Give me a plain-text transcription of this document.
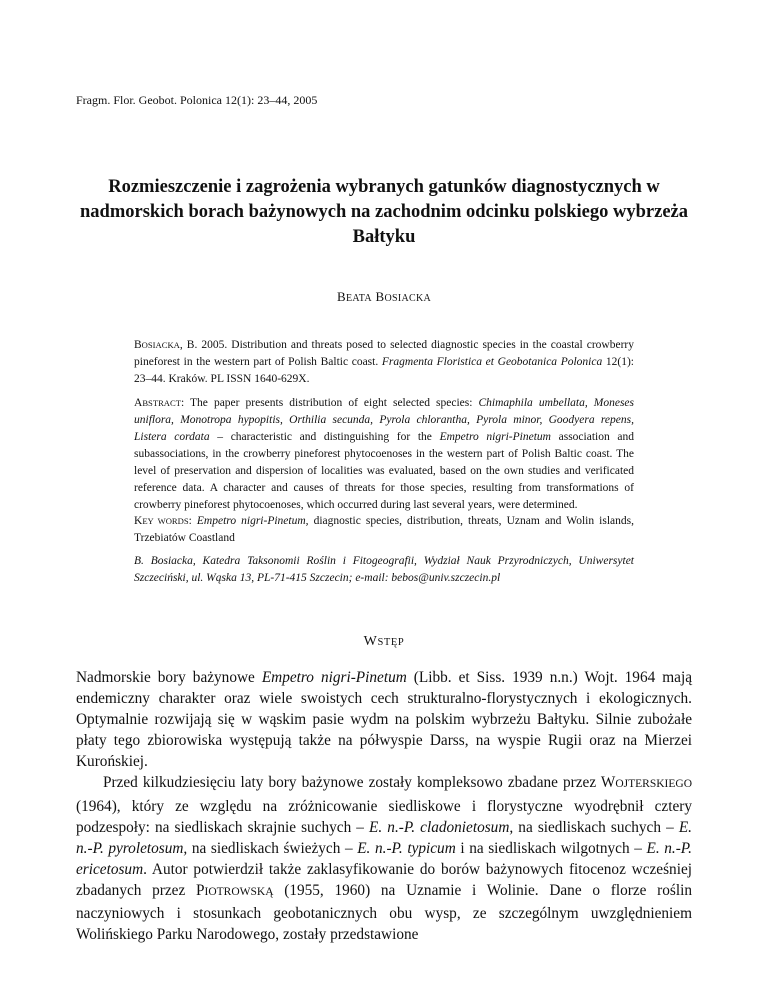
Fragm. Flor. Geobot. Polonica 12(1): 23–44, 2005
Rozmieszczenie i zagrożenia wybranych gatunków diagnostycznych w nadmorskich borach bażynowych na zachodnim odcinku polskiego wybrzeża Bałtyku
BEATA BOSIACKA
BOSIACKA, B. 2005. Distribution and threats posed to selected diagnostic species in the coastal crowberry pineforest in the western part of Polish Baltic coast. Fragmenta Floristica et Geobotanica Polonica 12(1): 23–44. Kraków. PL ISSN 1640-629X.
ABSTRACT: The paper presents distribution of eight selected species: Chimaphila umbellata, Moneses uniflora, Monotropa hypopitis, Orthilia secunda, Pyrola chlorantha, Pyrola minor, Goodyera repens, Listera cordata – characteristic and distinguishing for the Empetro nigri-Pinetum association and subassociations, in the crowberry pineforest phytocoenoses in the western part of Polish Baltic coast. The level of preservation and dispersion of localities was evaluated, based on the own studies and verificated reference data. A character and causes of threats for those species, resulting from transformations of crowberry pineforest phytocoenoses, which occurred during last several years, were determined.
KEY WORDS: Empetro nigri-Pinetum, diagnostic species, distribution, threats, Uznam and Wolin islands, Trzebiatów Coastland
B. Bosiacka, Katedra Taksonomii Roślin i Fitogeografii, Wydział Nauk Przyrodniczych, Uniwersytet Szczeciński, ul. Wąska 13, PL-71-415 Szczecin; e-mail: bebos@univ.szczecin.pl
WSTĘP

Nadmorskie bory bażynowe Empetro nigri-Pinetum (Libb. et Siss. 1939 n.n.) Wojt. 1964 mają endemiczny charakter oraz wiele swoistych cech strukturalno-florystycznych i ekologicznych. Optymalnie rozwijają się w wąskim pasie wydm na polskim wybrzeżu Bałtyku. Silnie zubożałe płaty tego zbiorowiska występują także na półwyspie Darss, na wyspie Rugii oraz na Mierzei Kurońskiej.

Przed kilkudziesięciu laty bory bażynowe zostały kompleksowo zbadane przez WOJTERSKIEGO (1964), który ze względu na zróżnicowanie siedliskowe i florystyczne wyodrębnił cztery podzespoły: na siedliskach skrajnie suchych – E. n.-P. cladonietosum, na siedliskach suchych – E. n.-P. pyroletosum, na siedliskach świeżych – E. n.-P. typicum i na siedliskach wilgotnych – E. n.-P. ericetosum. Autor potwierdził także zaklasyfikowanie do borów bażynowych fitocenoz wcześniej zbadanych przez PIOTROWSKĄ (1955, 1960) na Uznamie i Wolinie. Dane o florze roślin naczyniowych i stosunkach geobotanicznych obu wysp, ze szczególnym uwzględnieniem Wolińskiego Parku Narodowego, zostały przedstawione
